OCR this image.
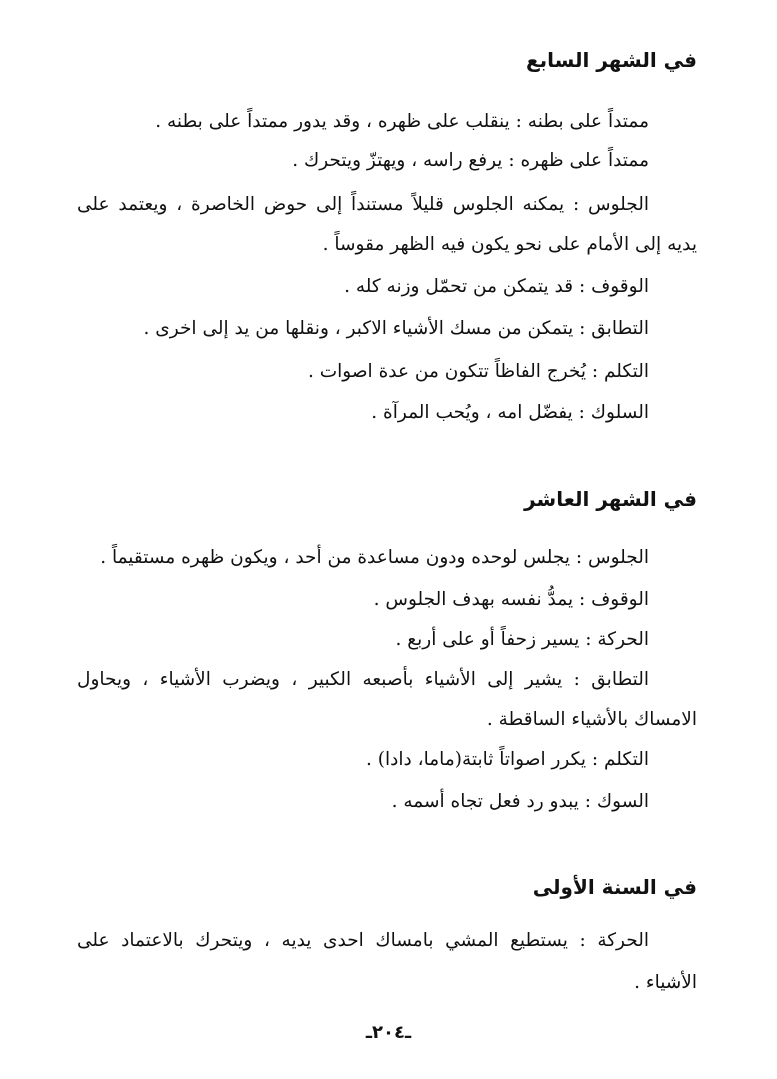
في الشهر السابع
ممتداً على بطنه : ينقلب على ظهره ، وقد يدور ممتداً على بطنه .
ممتداً على ظهره : يرفع راسه ، ويهتزّ ويتحرك .
الجلوس : يمكنه الجلوس قليلاً مستنداً إلى حوض الخاصرة ، ويعتمد على
يديه إلى الأمام على نحو يكون فيه الظهر مقوساً .
الوقوف : قد يتمكن من تحمّل وزنه كله .
التطابق : يتمكن من مسك الأشياء الاكبر ، ونقلها من يد إلى اخرى .
التكلم : يُخرج الفاظاً تتكون من عدة اصوات .
السلوك : يفضّل امه ، ويُحب المرآة .
في الشهر العاشر
الجلوس : يجلس لوحده ودون مساعدة من أحد ، ويكون ظهره مستقيماً .
الوقوف : يمدُّ نفسه بهدف الجلوس .
الحركة : يسير زحفاً أو على أربع .
التطابق : يشير إلى الأشياء بأصبعه الكبير ، ويضرب الأشياء ، ويحاول
الامساك بالأشياء الساقطة .
التكلم : يكرر اصواتاً ثابتة(ماما، دادا) .
السوك : يبدو رد فعل تجاه أسمه .
في السنة الأولى
الحركة : يستطيع المشي بامساك احدى يديه ، ويتحرك بالاعتماد على
الأشياء .
ـ٢٠٤ـ
